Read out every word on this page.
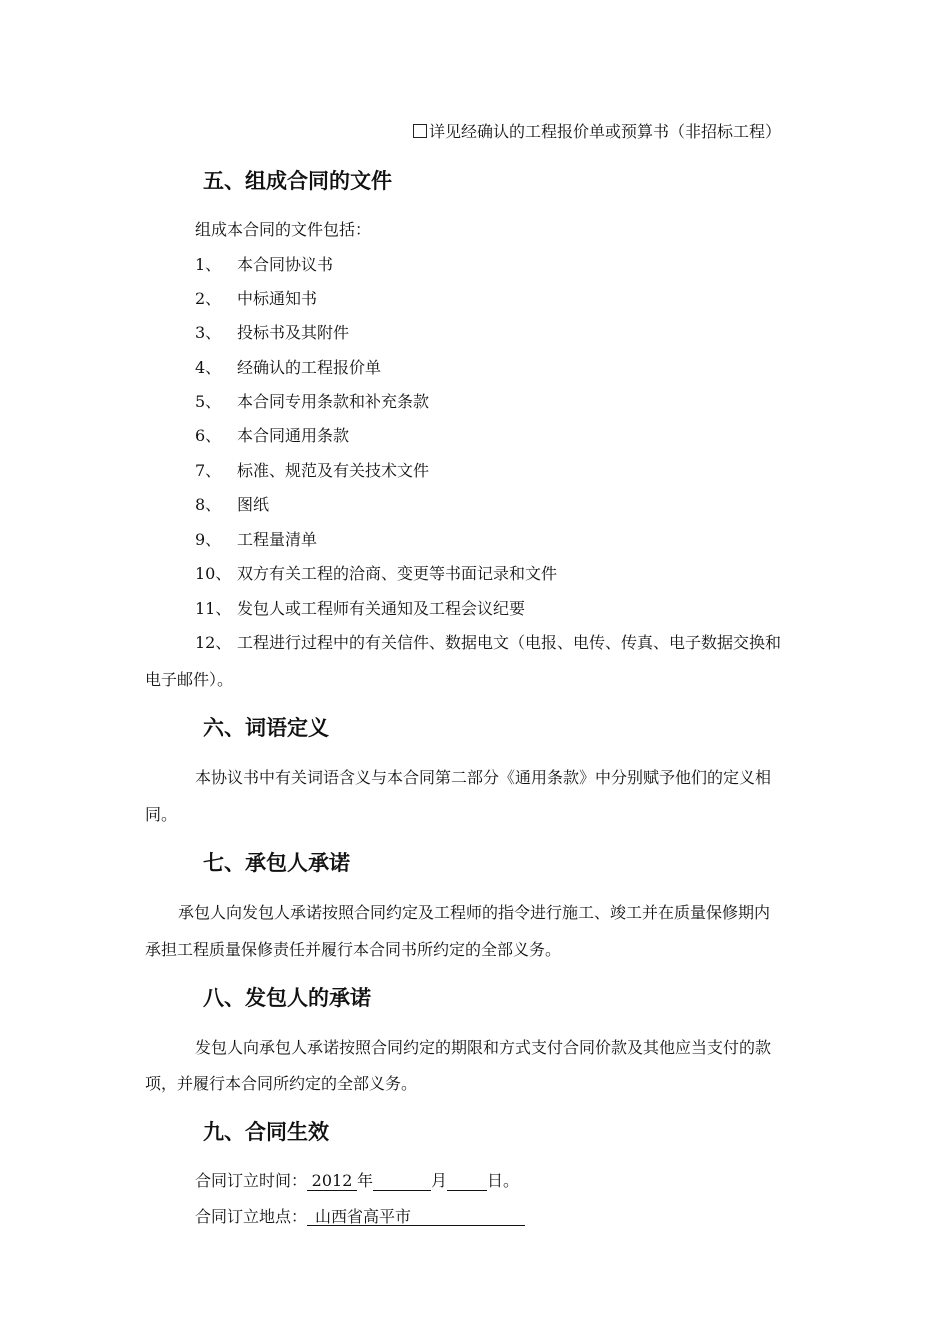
详见经确认的工程报价单或预算书（非招标工程）
五、组成合同的文件
组成本合同的文件包括：
1、 本合同协议书
2、 中标通知书
3、 投标书及其附件
4、 经确认的工程报价单
5、 本合同专用条款和补充条款
6、 本合同通用条款
7、 标准、规范及有关技术文件
8、 图纸
9、 工程量清单
10、 双方有关工程的洽商、变更等书面记录和文件
11、 发包人或工程师有关通知及工程会议纪要
12、 工程进行过程中的有关信件、数据电文（电报、电传、传真、电子数据交换和
电子邮件）。
六、词语定义
本协议书中有关词语含义与本合同第二部分《通用条款》中分别赋予他们的定义相
同。
七、承包人承诺
承包人向发包人承诺按照合同约定及工程师的指令进行施工、竣工并在质量保修期内
承担工程质量保修责任并履行本合同书所约定的全部义务。
八、发包人的承诺
发包人向承包人承诺按照合同约定的期限和方式支付合同价款及其他应当支付的款
项，并履行本合同所约定的全部义务。
九、合同生效
合同订立时间： 2012 年	月	日。
合同订立地点： 山西省高平市
